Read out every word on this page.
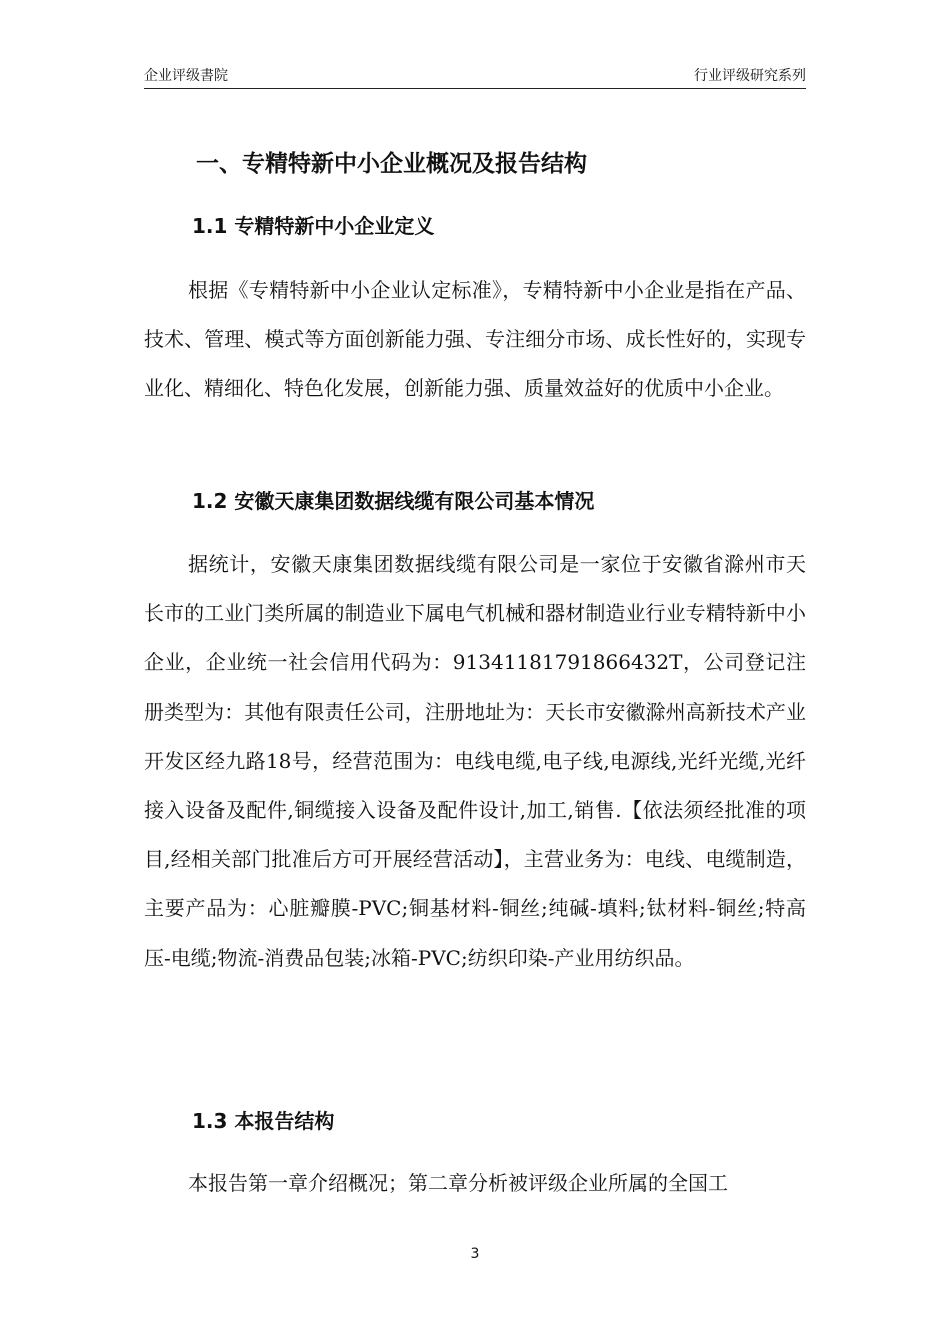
企业评级書院	行业评级研究系列
一、专精特新中小企业概况及报告结构
1.1 专精特新中小企业定义
根据《专精特新中小企业认定标准》，专精特新中小企业是指在产品、技术、管理、模式等方面创新能力强、专注细分市场、成长性好的，实现专业化、精细化、特色化发展，创新能力强、质量效益好的优质中小企业。
1.2 安徽天康集团数据线缆有限公司基本情况
据统计，安徽天康集团数据线缆有限公司是一家位于安徽省滁州市天长市的工业门类所属的制造业下属电气机械和器材制造业行业专精特新中小企业，企业统一社会信用代码为：91341181791866432T，公司登记注册类型为：其他有限责任公司，注册地址为：天长市安徽滁州高新技术产业开发区经九路18号，经营范围为：电线电缆,电子线,电源线,光纤光缆,光纤接入设备及配件,铜缆接入设备及配件设计,加工,销售.【依法须经批准的项目,经相关部门批准后方可开展经营活动】，主营业务为：电线、电缆制造，主要产品为：心脏瓣膜-PVC;铜基材料-铜丝;纯碱-填料;钛材料-铜丝;特高压-电缆;物流-消费品包装;冰箱-PVC;纺织印染-产业用纺织品。
1.3 本报告结构
本报告第一章介绍概况；第二章分析被评级企业所属的全国工
3
